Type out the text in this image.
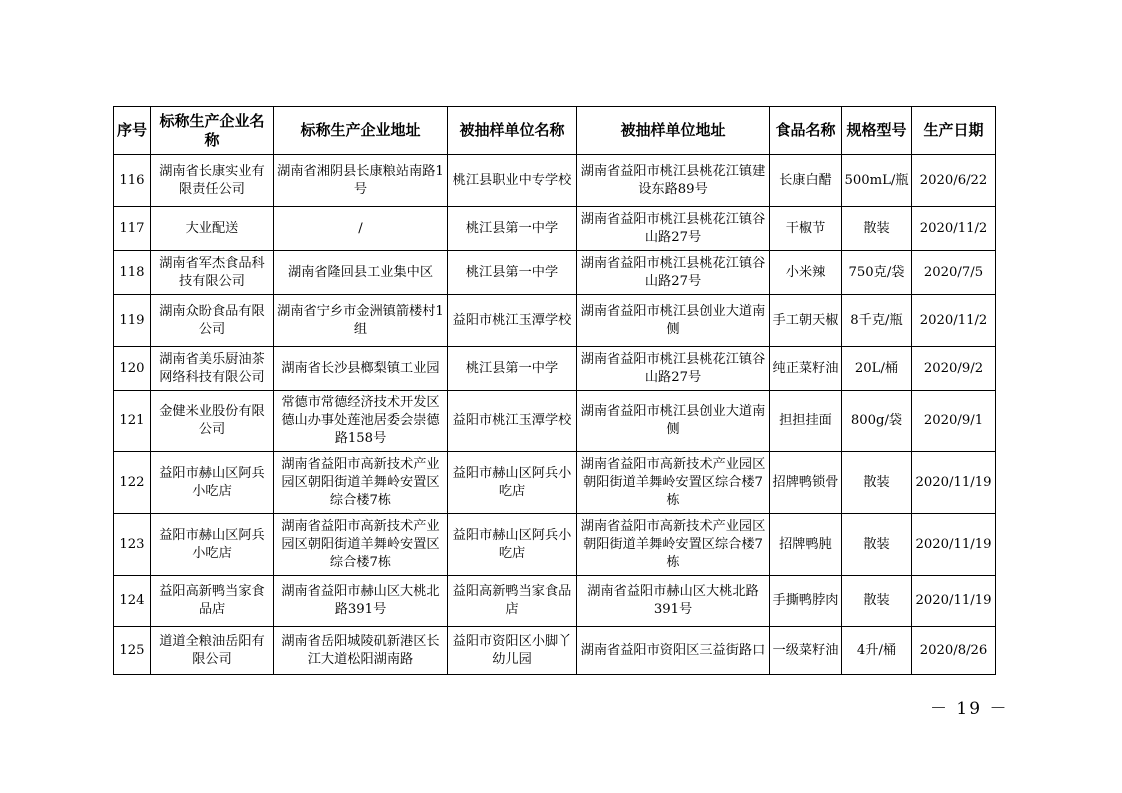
序号	标称生产企业名称	标称生产企业地址	被抽样单位名称	被抽样单位地址	食品名称	规格型号	生产日期
116	湖南省长康实业有限责任公司	湖南省湘阴县长康粮站南路1号	桃江县职业中专学校	湖南省益阳市桃江县桃花江镇建设东路89号	长康白醋	500mL/瓶	2020/6/22
117	大业配送	/	桃江县第一中学	湖南省益阳市桃江县桃花江镇谷山路27号	干椒节	散装	2020/11/2
118	湖南省军杰食品科技有限公司	湖南省隆回县工业集中区	桃江县第一中学	湖南省益阳市桃江县桃花江镇谷山路27号	小米辣	750克/袋	2020/7/5
119	湖南众盼食品有限公司	湖南省宁乡市金洲镇箭楼村1组	益阳市桃江玉潭学校	湖南省益阳市桃江县创业大道南侧	手工朝天椒	8千克/瓶	2020/11/2
120	湖南省美乐厨油茶网络科技有限公司	湖南省长沙县榔梨镇工业园	桃江县第一中学	湖南省益阳市桃江县桃花江镇谷山路27号	纯正菜籽油	20L/桶	2020/9/2
121	金健米业股份有限公司	常德市常德经济技术开发区德山办事处莲池居委会崇德路158号	益阳市桃江玉潭学校	湖南省益阳市桃江县创业大道南侧	担担挂面	800g/袋	2020/9/1
122	益阳市赫山区阿兵小吃店	湖南省益阳市高新技术产业园区朝阳街道羊舞岭安置区综合楼7栋	益阳市赫山区阿兵小吃店	湖南省益阳市高新技术产业园区朝阳街道羊舞岭安置区综合楼7栋	招牌鸭锁骨	散装	2020/11/19
123	益阳市赫山区阿兵小吃店	湖南省益阳市高新技术产业园区朝阳街道羊舞岭安置区综合楼7栋	益阳市赫山区阿兵小吃店	湖南省益阳市高新技术产业园区朝阳街道羊舞岭安置区综合楼7栋	招牌鸭肫	散装	2020/11/19
124	益阳高新鸭当家食品店	湖南省益阳市赫山区大桃北路391号	益阳高新鸭当家食品店	湖南省益阳市赫山区大桃北路391号	手撕鸭脖肉	散装	2020/11/19
125	道道全粮油岳阳有限公司	湖南省岳阳城陵矶新港区长江大道松阳湖南路	益阳市资阳区小脚丫幼儿园	湖南省益阳市资阳区三益街路口	一级菜籽油	4升/桶	2020/8/26
－ 19 －
